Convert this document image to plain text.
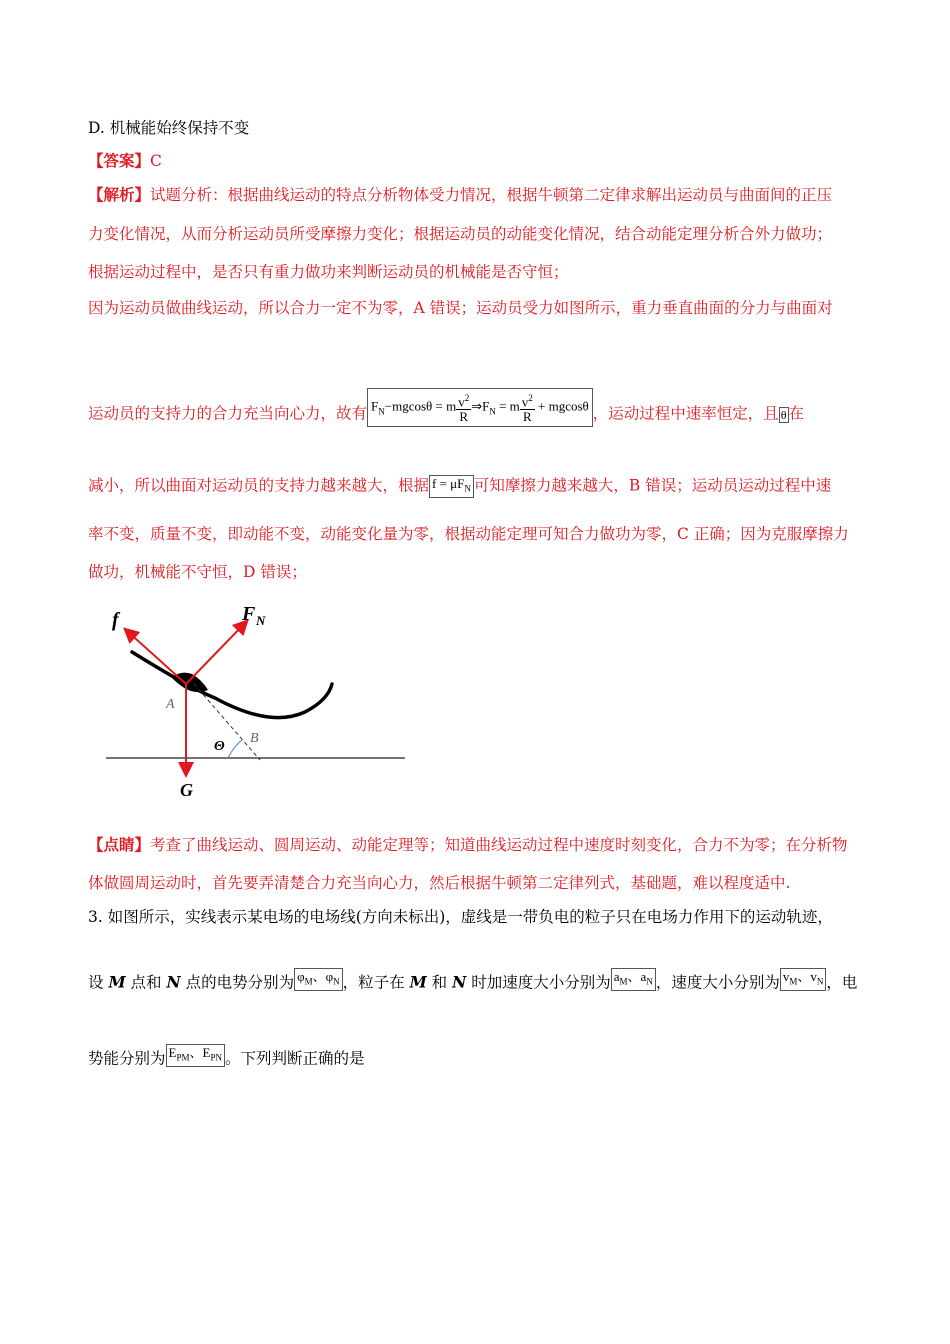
D. 机械能始终保持不变
【答案】C
【解析】试题分析：根据曲线运动的特点分析物体受力情况，根据牛顿第二定律求解出运动员与曲面间的正压
力变化情况，从而分析运动员所受摩擦力变化；根据运动员的动能变化情况，结合动能定理分析合外力做功；
根据运动过程中，是否只有重力做功来判断运动员的机械能是否守恒；
因为运动员做曲线运动，所以合力一定不为零，A 错误；运动员受力如图所示，重力垂直曲面的分力与曲面对
运动员的支持力的合力充当向心力，故有 $F_N-mgcos\theta = m \frac{v^2}{R}$ $\Rightarrow F_N = m \frac{v^2}{R} + mgcos\theta$ ，运动过程中速率恒定，且 θ 在
减小，所以曲面对运动员的支持力越来越大，根据 $f = \mu F_N$ 可知摩擦力越来越大，B 错误；运动员运动过程中速
率不变，质量不变，即动能不变，动能变化量为零，根据动能定理可知合力做功为零，C 正确；因为克服摩擦力
做功，机械能不守恒，D 错误；
f	F N
A
B
Θ
G
【点睛】考查了曲线运动、圆周运动、动能定理等；知道曲线运动过程中速度时刻变化，合力不为零；在分析物
体做圆周运动时，首先要弄清楚合力充当向心力，然后根据牛顿第二定律列式，基础题，难以程度适中.
3. 如图所示，实线表示某电场的电场线(方向未标出)，虚线是一带负电的粒子只在电场力作用下的运动轨迹，
设 M 点和 N 点的电势分别为 $\varphi_M$、$\varphi_N$ ，粒子在 M 和 N 时加速度大小分别为 $a_M$、$a_N$ ，速度大小分别为 $v_M$、$v_N$ ，电
势能分别为 $E_{PM}$、$E_{PN}$ 。下列判断正确的是
